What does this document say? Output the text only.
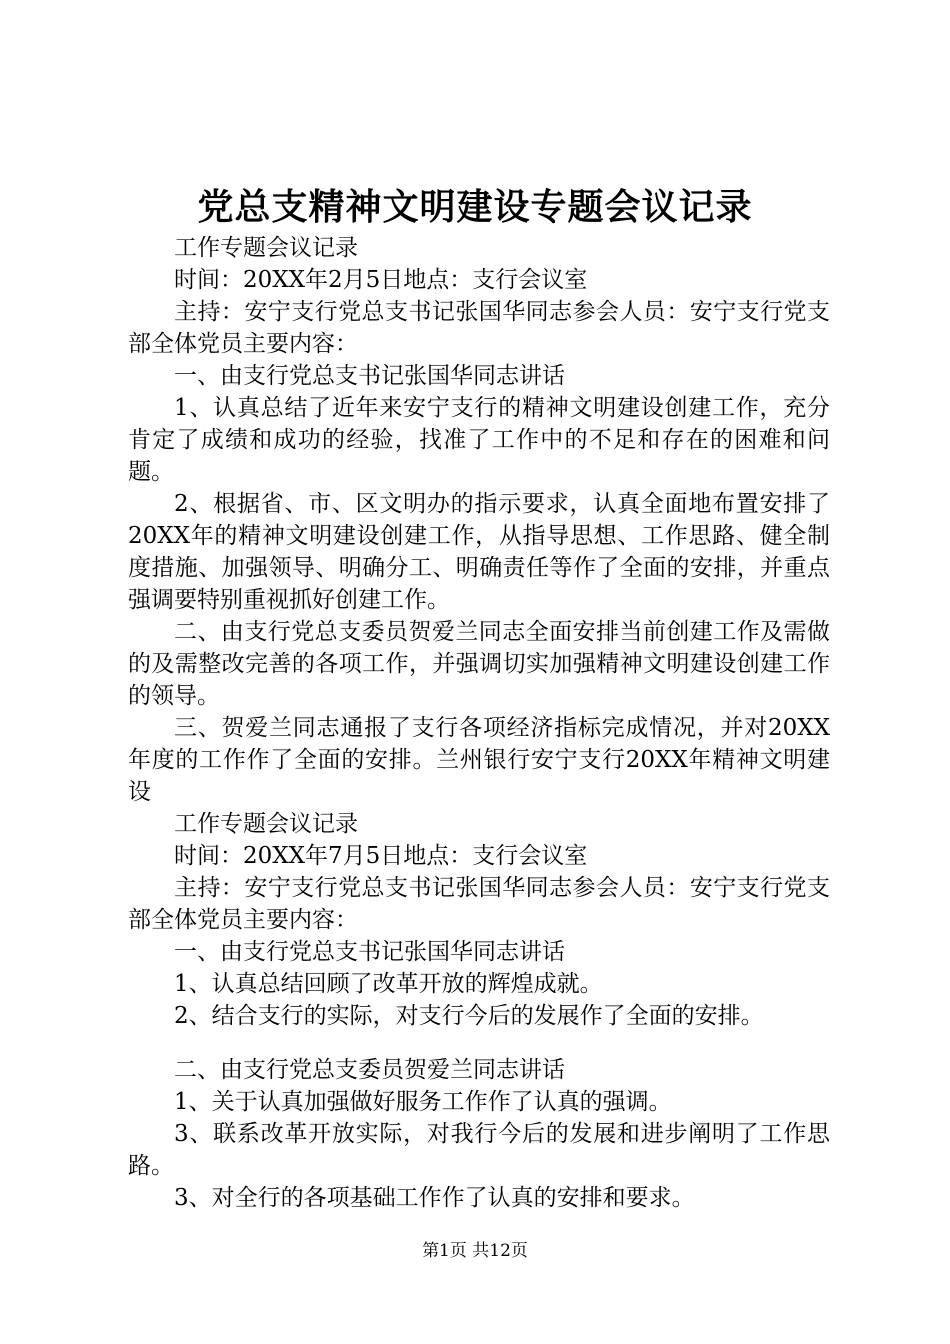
党总支精神文明建设专题会议记录

工作专题会议记录

时间：20XX年2月5日地点：支行会议室

主持：安宁支行党总支书记张国华同志参会人员：安宁支行党支部全体党员主要内容：

一、由支行党总支书记张国华同志讲话

1、认真总结了近年来安宁支行的精神文明建设创建工作，充分肯定了成绩和成功的经验，找准了工作中的不足和存在的困难和问题。

2、根据省、市、区文明办的指示要求，认真全面地布置安排了20XX年的精神文明建设创建工作，从指导思想、工作思路、健全制度措施、加强领导、明确分工、明确责任等作了全面的安排，并重点强调要特别重视抓好创建工作。

二、由支行党总支委员贺爱兰同志全面安排当前创建工作及需做的及需整改完善的各项工作，并强调切实加强精神文明建设创建工作的领导。

三、贺爱兰同志通报了支行各项经济指标完成情况，并对20XX年度的工作作了全面的安排。兰州银行安宁支行20XX年精神文明建设

工作专题会议记录

时间：20XX年7月5日地点：支行会议室

主持：安宁支行党总支书记张国华同志参会人员：安宁支行党支部全体党员主要内容：

一、由支行党总支书记张国华同志讲话

1、认真总结回顾了改革开放的辉煌成就。

2、结合支行的实际，对支行今后的发展作了全面的安排。

二、由支行党总支委员贺爱兰同志讲话

1、关于认真加强做好服务工作作了认真的强调。

3、联系改革开放实际，对我行今后的发展和进步阐明了工作思路。

3、对全行的各项基础工作作了认真的安排和要求。

第1页 共12页
